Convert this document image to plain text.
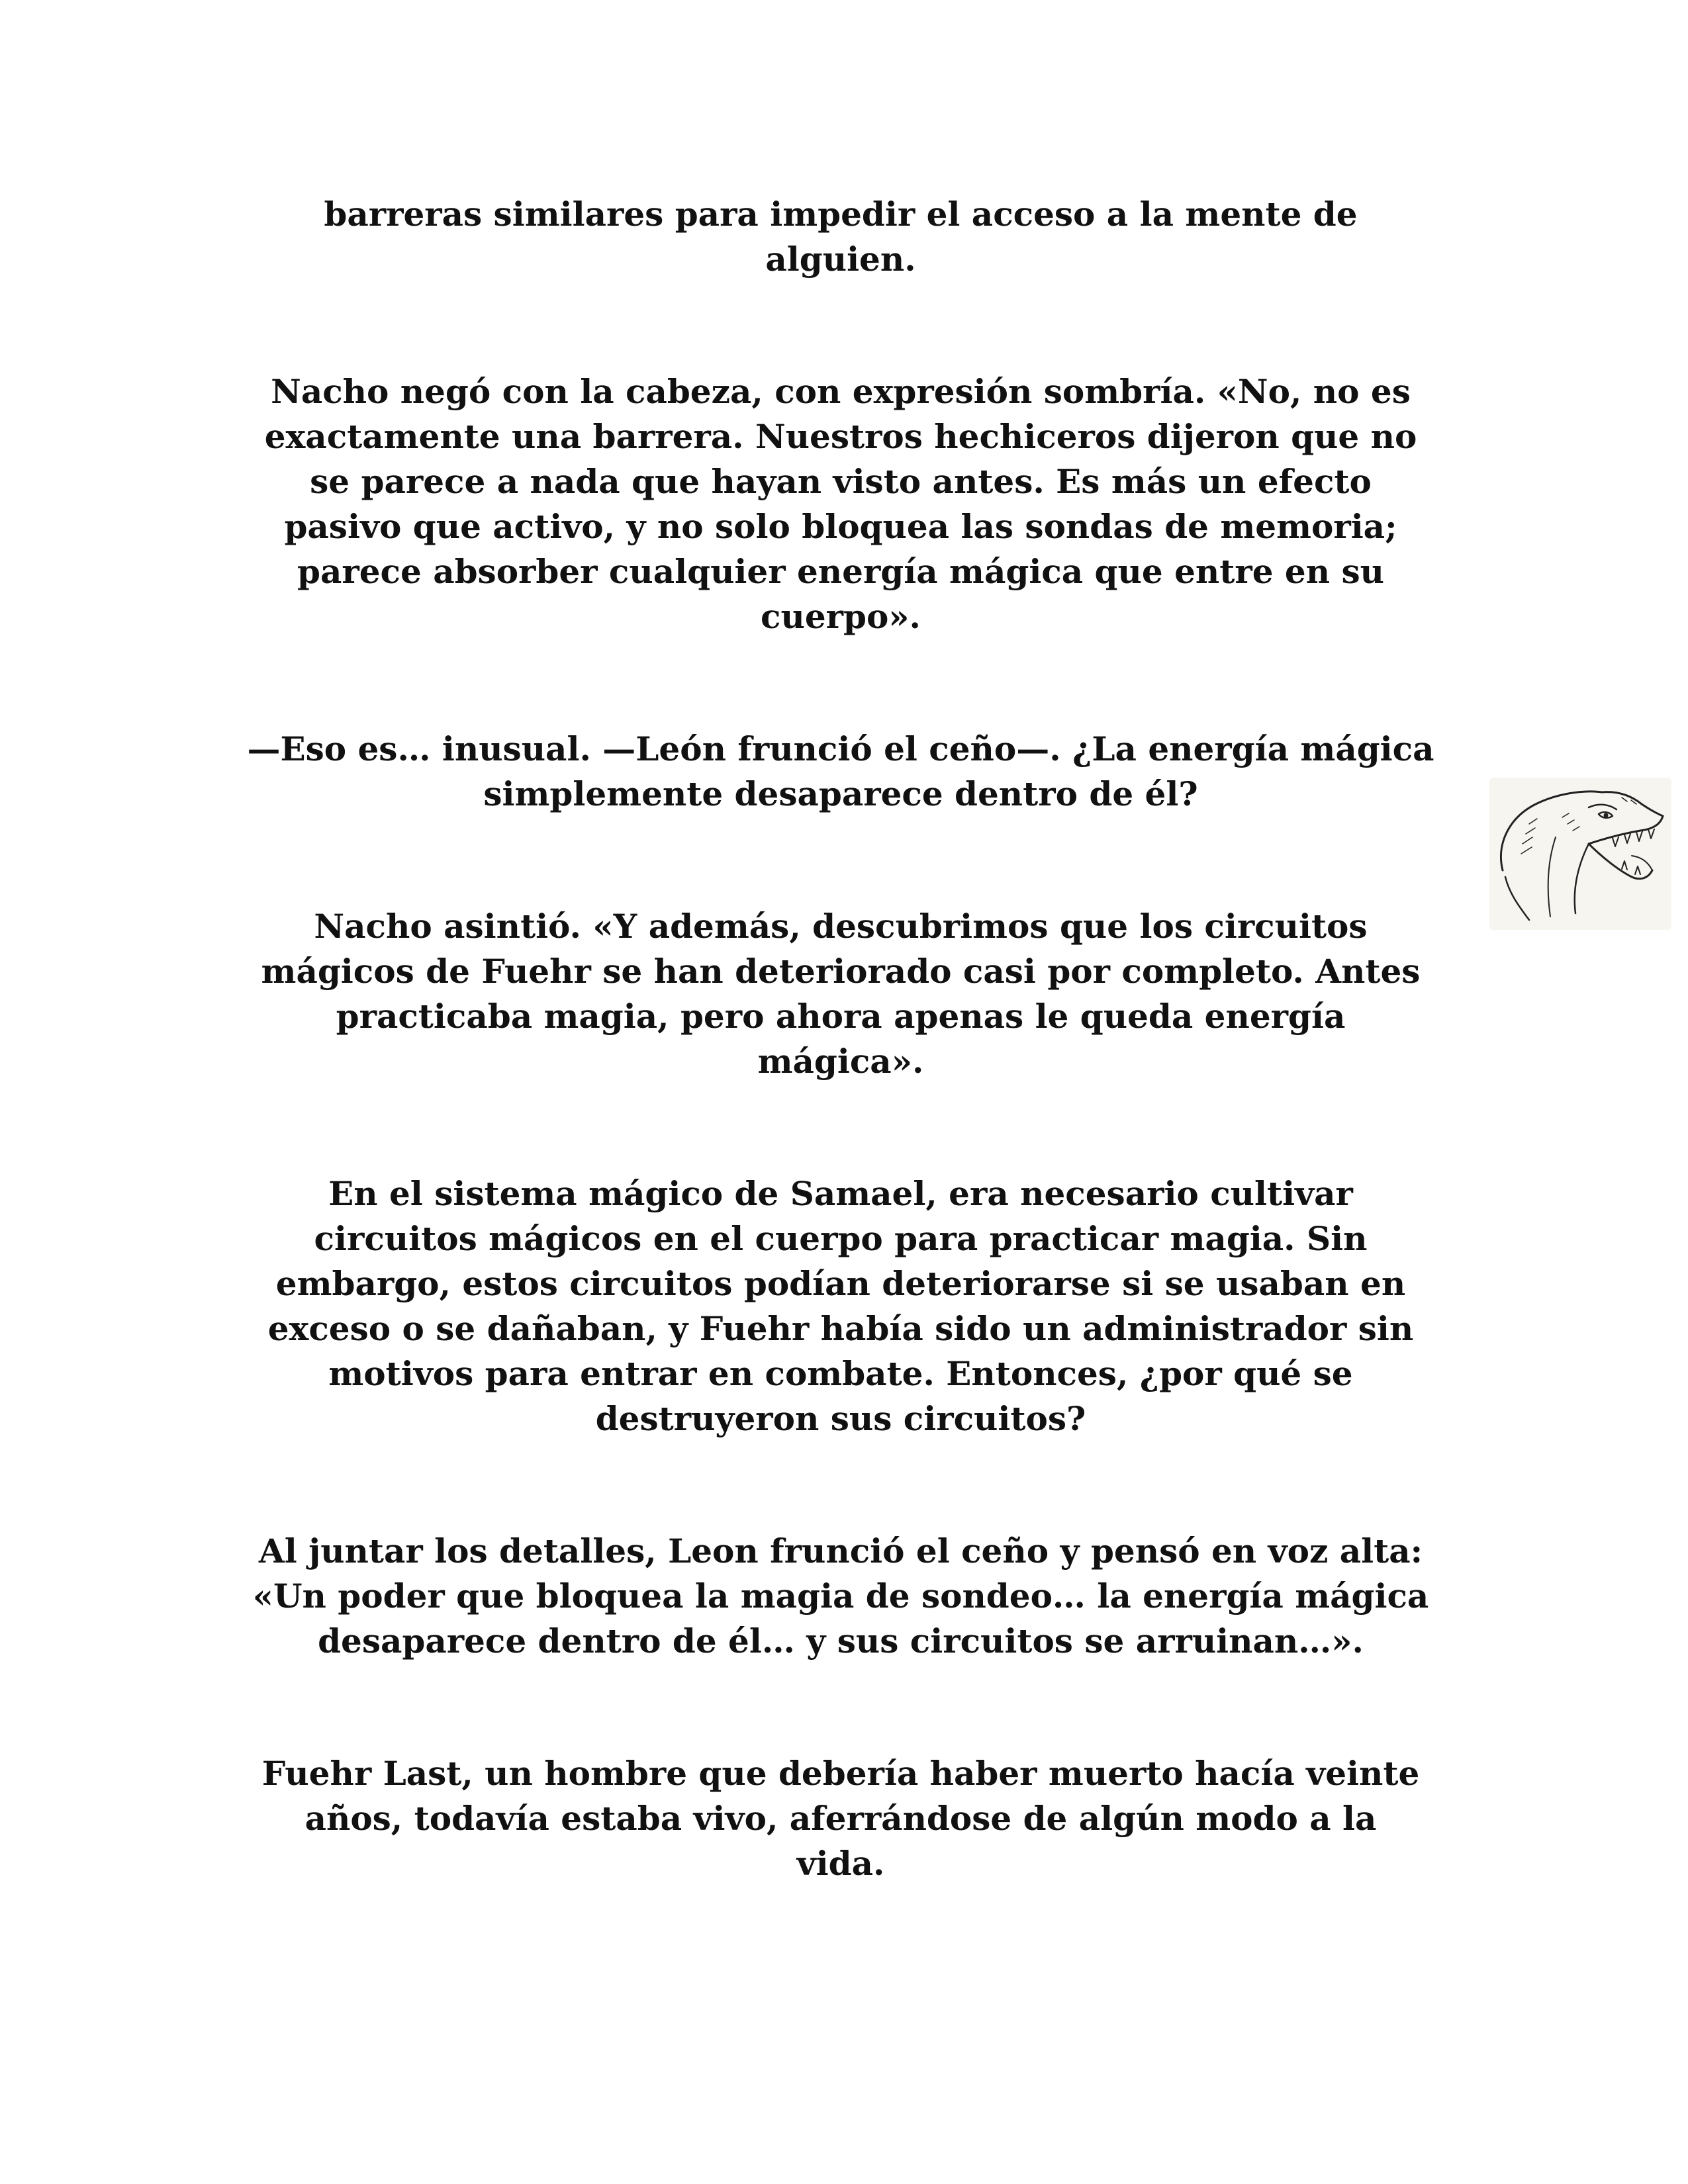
barreras similares para impedir el acceso a la mente de
alguien.

Nacho negó con la cabeza, con expresión sombría. «No, no es
exactamente una barrera. Nuestros hechiceros dijeron que no
se parece a nada que hayan visto antes. Es más un efecto
pasivo que activo, y no solo bloquea las sondas de memoria;
parece absorber cualquier energía mágica que entre en su
cuerpo».

—Eso es… inusual. —León frunció el ceño—. ¿La energía mágica
simplemente desaparece dentro de él?

Nacho asintió. «Y además, descubrimos que los circuitos
mágicos de Fuehr se han deteriorado casi por completo. Antes
practicaba magia, pero ahora apenas le queda energía
mágica».

En el sistema mágico de Samael, era necesario cultivar
circuitos mágicos en el cuerpo para practicar magia. Sin
embargo, estos circuitos podían deteriorarse si se usaban en
exceso o se dañaban, y Fuehr había sido un administrador sin
motivos para entrar en combate. Entonces, ¿por qué se
destruyeron sus circuitos?

Al juntar los detalles, Leon frunció el ceño y pensó en voz alta:
«Un poder que bloquea la magia de sondeo… la energía mágica
desaparece dentro de él… y sus circuitos se arruinan…».

Fuehr Last, un hombre que debería haber muerto hacía veinte
años, todavía estaba vivo, aferrándose de algún modo a la
vida.
